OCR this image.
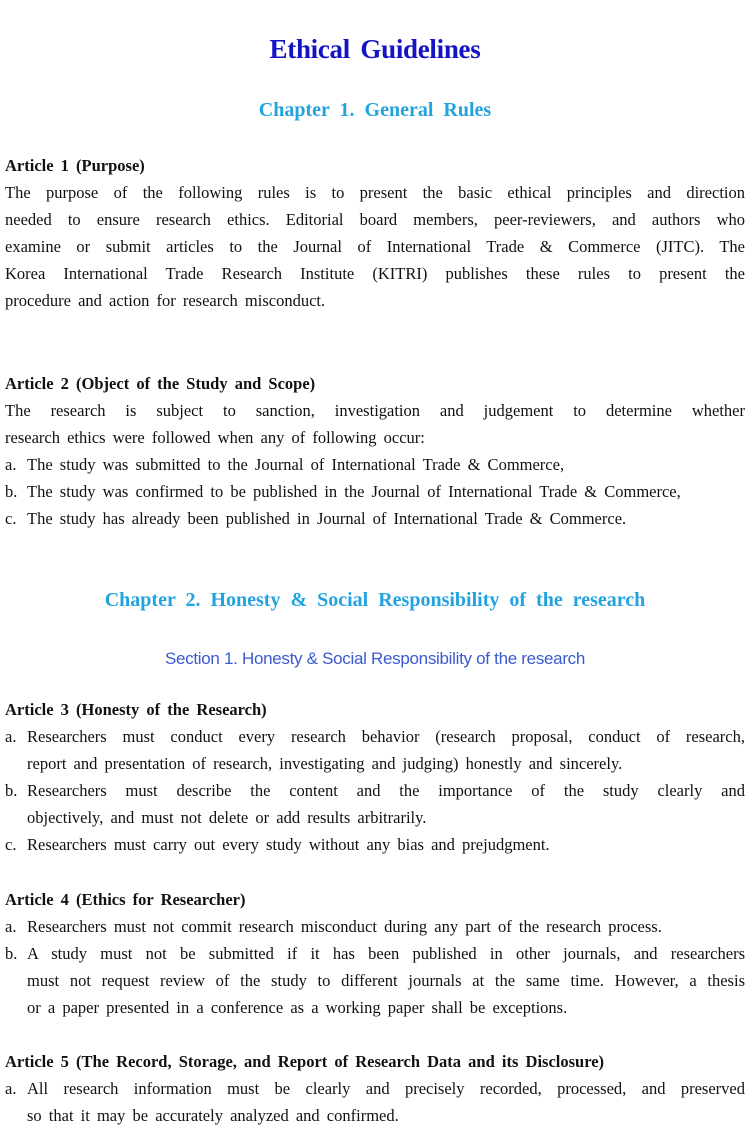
Ethical Guidelines
Chapter 1. General Rules
Article 1 (Purpose)
The purpose of the following rules is to present the basic ethical principles and direction
needed to ensure research ethics. Editorial board members, peer-reviewers, and authors who
examine or submit articles to the Journal of International Trade & Commerce (JITC). The
Korea International Trade Research Institute (KITRI) publishes these rules to present the
procedure and action for research misconduct.
Article 2 (Object of the Study and Scope)
The research is subject to sanction, investigation and judgement to determine whether
research ethics were followed when any of following occur:
a. The study was submitted to the Journal of International Trade & Commerce,
b. The study was confirmed to be published in the Journal of International Trade & Commerce,
c. The study has already been published in Journal of International Trade & Commerce.
Chapter 2. Honesty & Social Responsibility of the research
Section 1. Honesty & Social Responsibility of the research
Article 3 (Honesty of the Research)
a. Researchers must conduct every research behavior (research proposal, conduct of research,
report and presentation of research, investigating and judging) honestly and sincerely.
b. Researchers must describe the content and the importance of the study clearly and
objectively, and must not delete or add results arbitrarily.
c. Researchers must carry out every study without any bias and prejudgment.
Article 4 (Ethics for Researcher)
a. Researchers must not commit research misconduct during any part of the research process.
b. A study must not be submitted if it has been published in other journals, and researchers
must not request review of the study to different journals at the same time. However, a thesis
or a paper presented in a conference as a working paper shall be exceptions.
Article 5 (The Record, Storage, and Report of Research Data and its Disclosure)
a. All research information must be clearly and precisely recorded, processed, and preserved
so that it may be accurately analyzed and confirmed.
